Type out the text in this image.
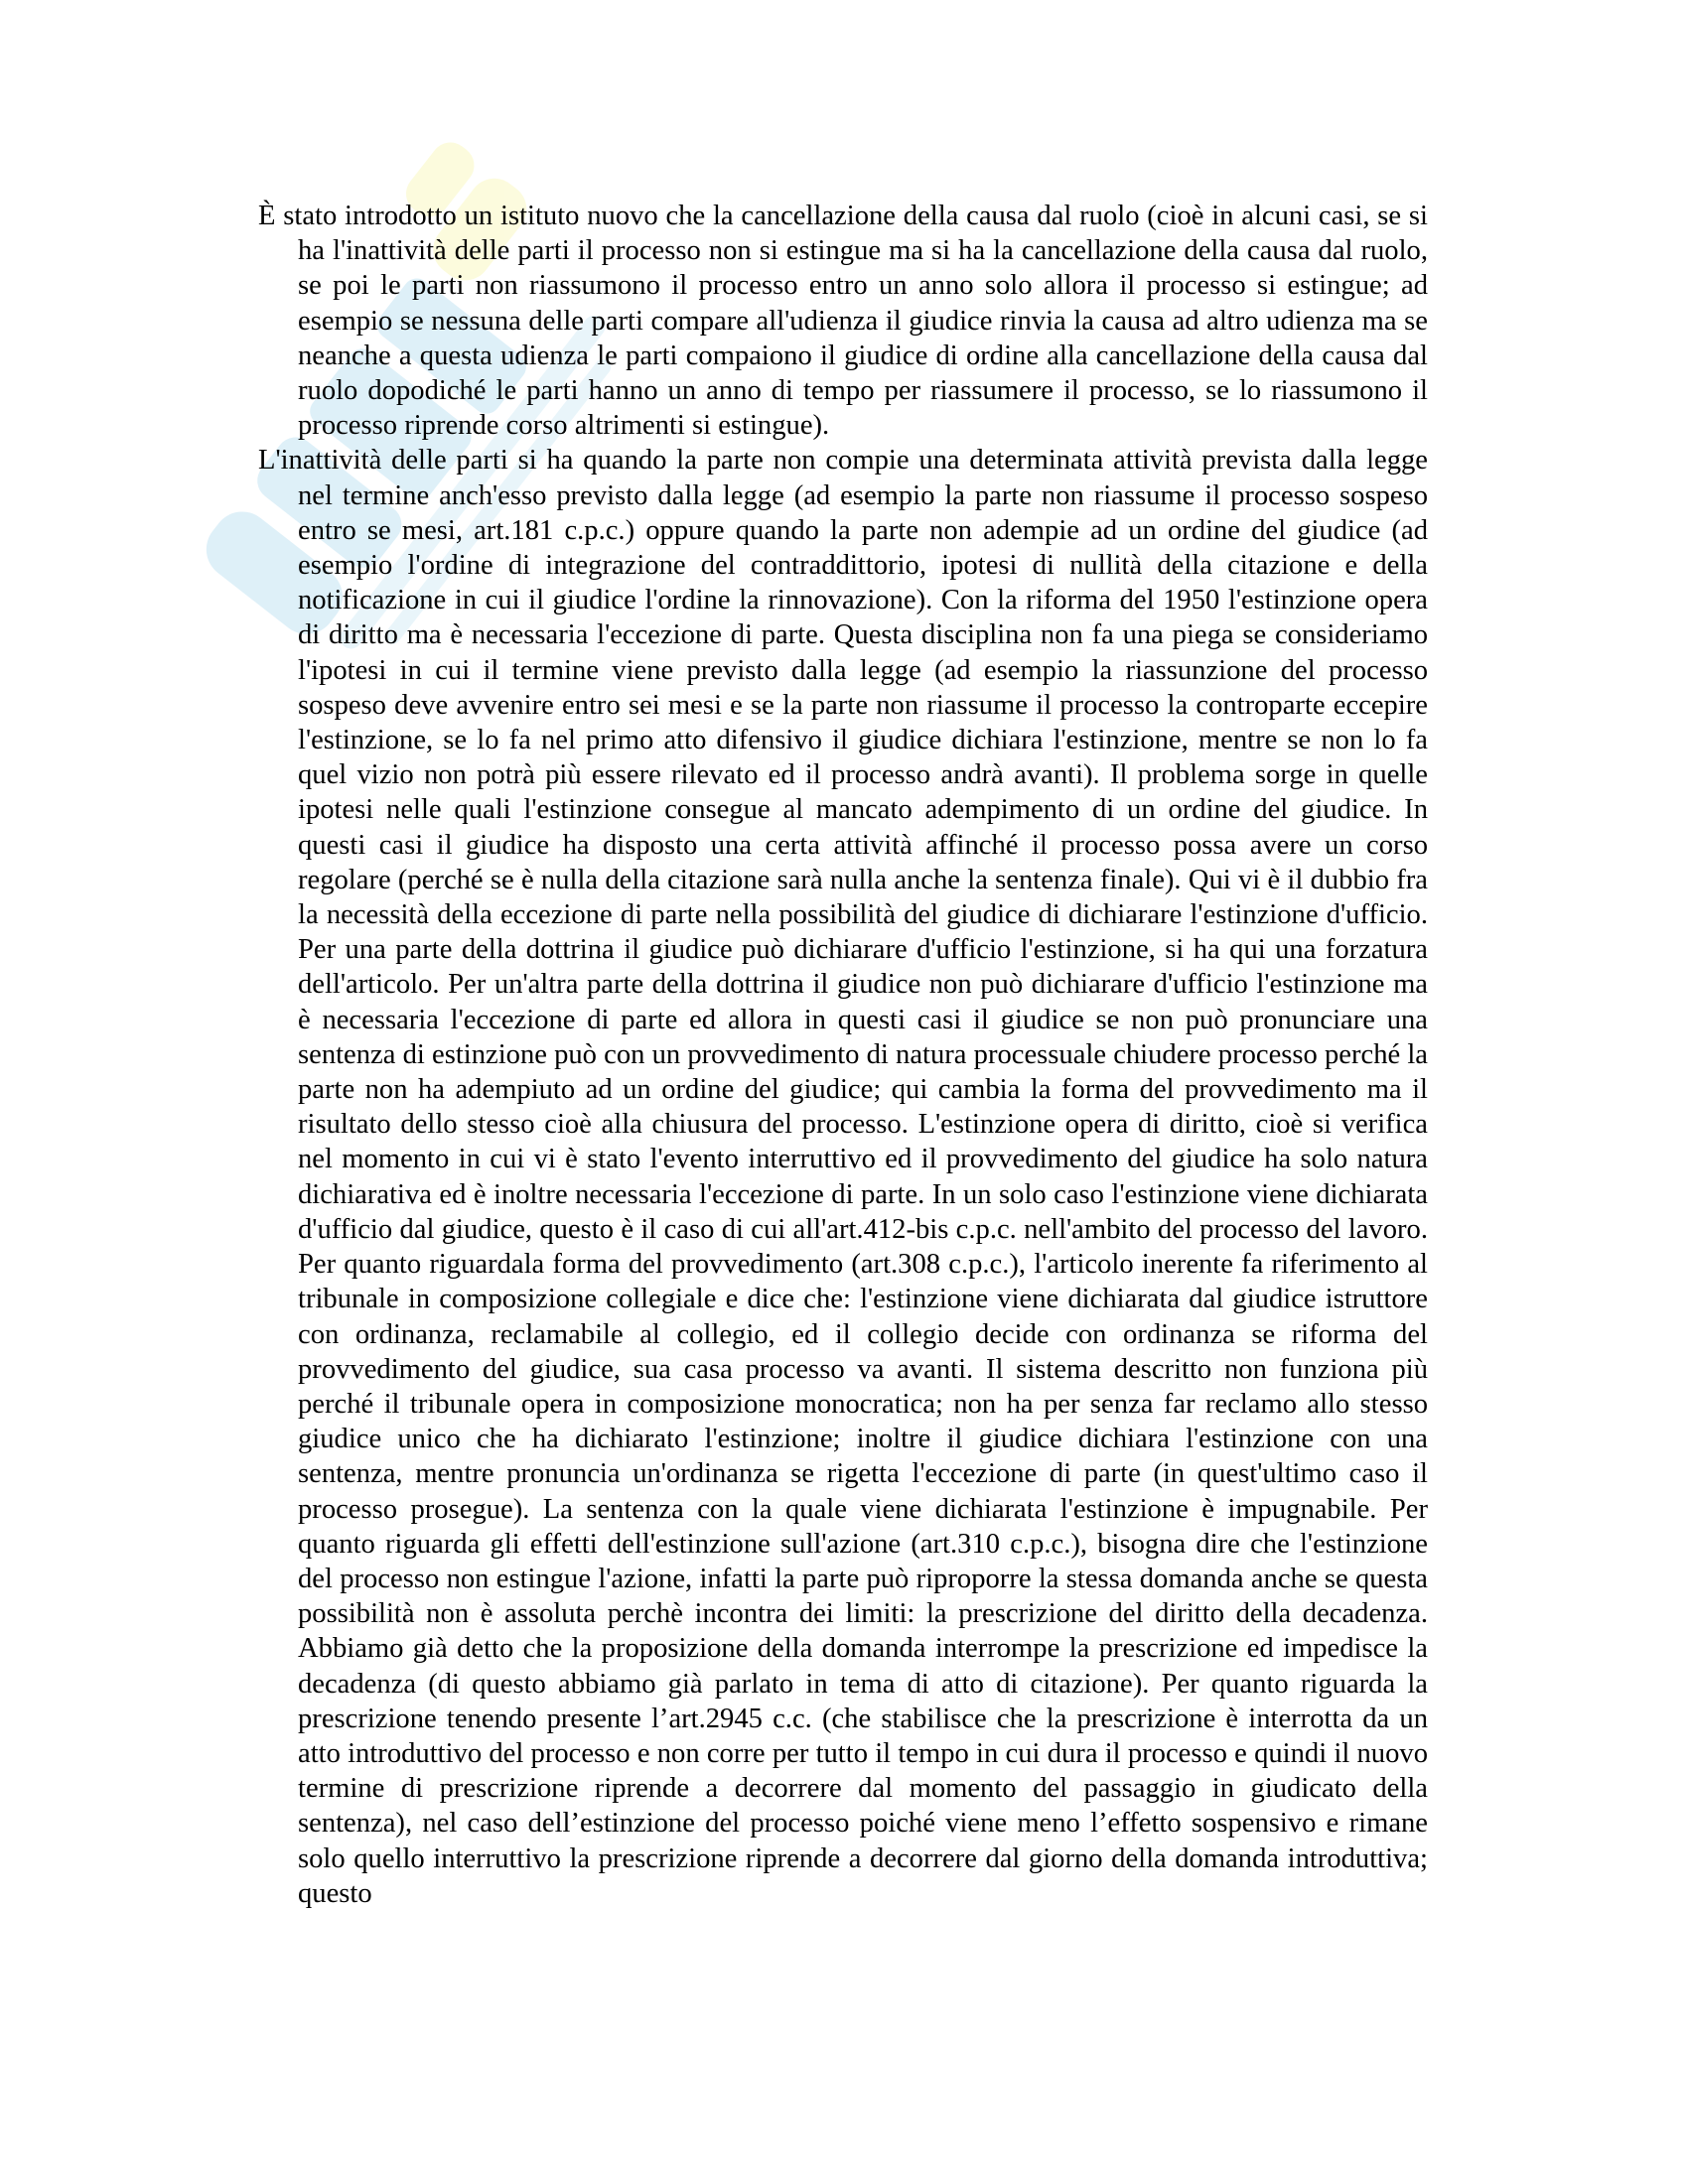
È stato introdotto un istituto nuovo che la cancellazione della causa dal ruolo (cioè in alcuni casi, se si ha l'inattività delle parti il processo non si estingue ma si ha la cancellazione della causa dal ruolo, se poi le parti non riassumono il processo entro un anno solo allora il processo si estingue; ad esempio se nessuna delle parti compare all'udienza il giudice rinvia la causa ad altro udienza ma se neanche a questa udienza le parti compaiono il giudice di ordine alla cancellazione della causa dal ruolo dopodiché le parti hanno un anno di tempo per riassumere il processo, se lo riassumono il processo riprende corso altrimenti si estingue).

L'inattività delle parti si ha quando la parte non compie una determinata attività prevista dalla legge nel termine anch'esso previsto dalla legge (ad esempio la parte non riassume il processo sospeso entro se mesi, art.181 c.p.c.) oppure quando la parte non adempie ad un ordine del giudice (ad esempio l'ordine di integrazione del contraddittorio, ipotesi di nullità della citazione e della notificazione in cui il giudice l'ordine la rinnovazione). Con la riforma del 1950 l'estinzione opera di diritto ma è necessaria l'eccezione di parte. Questa disciplina non fa una piega se consideriamo l'ipotesi in cui il termine viene previsto dalla legge (ad esempio la riassunzione del processo sospeso deve avvenire entro sei mesi e se la parte non riassume il processo la controparte eccepire l'estinzione, se lo fa nel primo atto difensivo il giudice dichiara l'estinzione, mentre se non lo fa quel vizio non potrà più essere rilevato ed il processo andrà avanti). Il problema sorge in quelle ipotesi nelle quali l'estinzione consegue al mancato adempimento di un ordine del giudice. In questi casi il giudice ha disposto una certa attività affinché il processo possa avere un corso regolare (perché se è nulla della citazione sarà nulla anche la sentenza finale). Qui vi è il dubbio fra la necessità della eccezione di parte nella possibilità del giudice di dichiarare l'estinzione d'ufficio. Per una parte della dottrina il giudice può dichiarare d'ufficio l'estinzione, si ha qui una forzatura dell'articolo. Per un'altra parte della dottrina il giudice non può dichiarare d'ufficio l'estinzione ma è necessaria l'eccezione di parte ed allora in questi casi il giudice se non può pronunciare una sentenza di estinzione può con un provvedimento di natura processuale chiudere processo perché la parte non ha adempiuto ad un ordine del giudice; qui cambia la forma del provvedimento ma il risultato dello stesso cioè alla chiusura del processo. L'estinzione opera di diritto, cioè si verifica nel momento in cui vi è stato l'evento interruttivo ed il provvedimento del giudice ha solo natura dichiarativa ed è inoltre necessaria l'eccezione di parte. In un solo caso l'estinzione viene dichiarata d'ufficio dal giudice, questo è il caso di cui all'art.412-bis c.p.c. nell'ambito del processo del lavoro. Per quanto riguardala forma del provvedimento (art.308 c.p.c.), l'articolo inerente fa riferimento al tribunale in composizione collegiale e dice che: l'estinzione viene dichiarata dal giudice istruttore con ordinanza, reclamabile al collegio, ed il collegio decide con ordinanza se riforma del provvedimento del giudice, sua casa processo va avanti. Il sistema descritto non funziona più perché il tribunale opera in composizione monocratica; non ha per senza far reclamo allo stesso giudice unico che ha dichiarato l'estinzione; inoltre il giudice dichiara l'estinzione con una sentenza, mentre pronuncia un'ordinanza se rigetta l'eccezione di parte (in quest'ultimo caso il processo prosegue). La sentenza con la quale viene dichiarata l'estinzione è impugnabile. Per quanto riguarda gli effetti dell'estinzione sull'azione (art.310 c.p.c.), bisogna dire che l'estinzione del processo non estingue l'azione, infatti la parte può riproporre la stessa domanda anche se questa possibilità non è assoluta perchè incontra dei limiti: la prescrizione del diritto della decadenza. Abbiamo già detto che la proposizione della domanda interrompe la prescrizione ed impedisce la decadenza (di questo abbiamo già parlato in tema di atto di citazione). Per quanto riguarda la prescrizione tenendo presente l’art.2945 c.c. (che stabilisce che la prescrizione è interrotta da un atto introduttivo del processo e non corre per tutto il tempo in cui dura il processo e quindi il nuovo termine di prescrizione riprende a decorrere dal momento del passaggio in giudicato della sentenza), nel caso dell’estinzione del processo poiché viene meno l’effetto sospensivo e rimane solo quello interruttivo la prescrizione riprende a decorrere dal giorno della domanda introduttiva; questo
